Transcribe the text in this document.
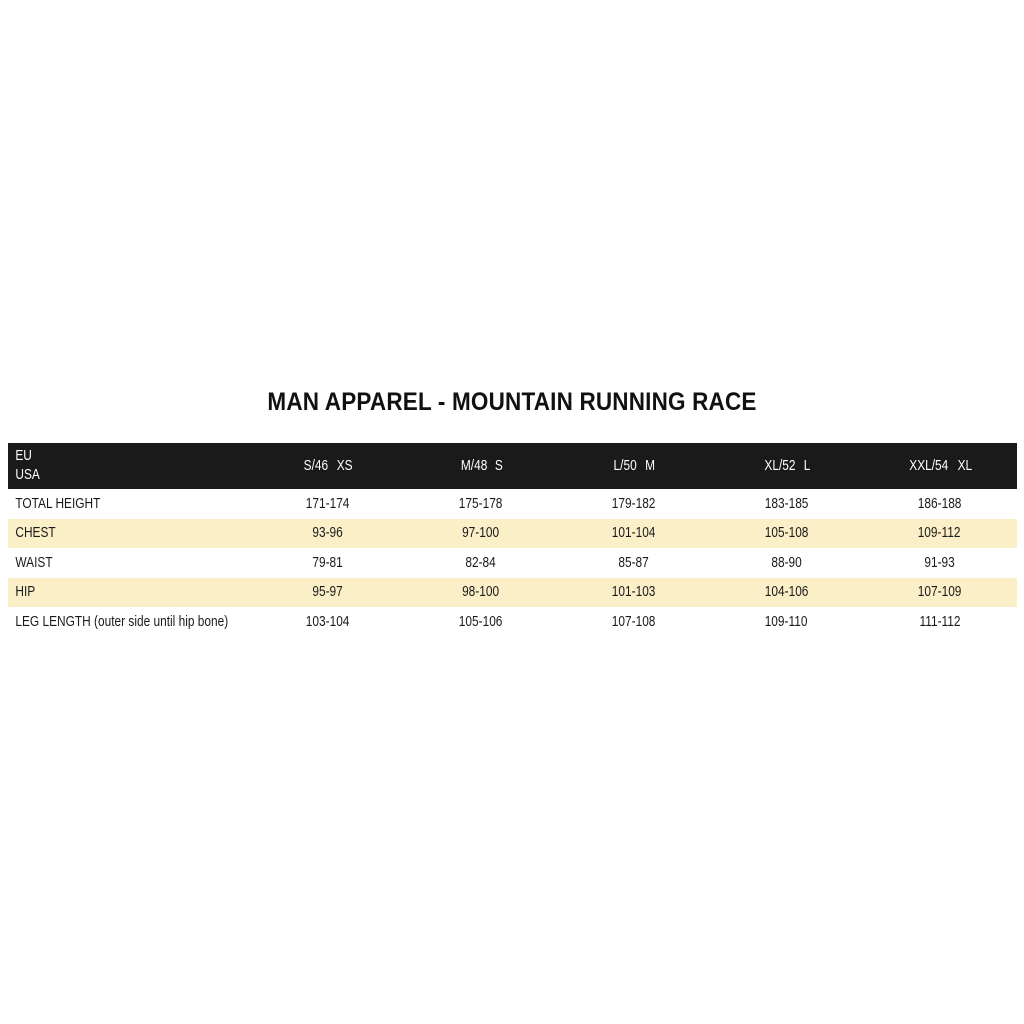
MAN APPAREL - MOUNTAIN RUNNING RACE
EU
USA
S/46 XS	M/48 S	L/50 M	XL/52 L	XXL/54 XL
TOTAL HEIGHT	171-174	175-178	179-182	183-185	186-188
CHEST	93-96	97-100	101-104	105-108	109-112
WAIST	79-81	82-84	85-87	88-90	91-93
HIP	95-97	98-100	101-103	104-106	107-109
LEG LENGTH (outer side until hip bone)	103-104	105-106	107-108	109-110	111-112
